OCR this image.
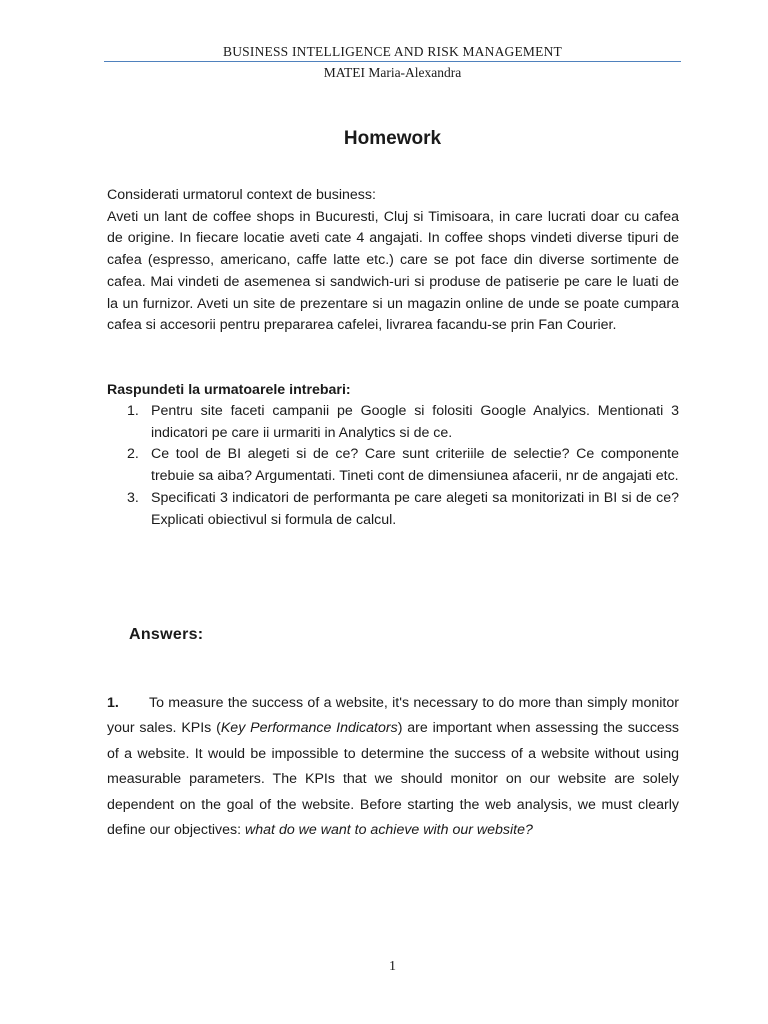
BUSINESS INTELLIGENCE AND RISK MANAGEMENT
MATEI Maria-Alexandra
Homework

Considerati urmatorul context de business:

Aveti un lant de coffee shops in Bucuresti, Cluj si Timisoara, in care lucrati doar cu cafea de origine. In fiecare locatie aveti cate 4 angajati. In coffee shops vindeti diverse tipuri de cafea (espresso, americano, caffe latte etc.) care se pot face din diverse sortimente de cafea. Mai vindeti de asemenea si sandwich-uri si produse de patiserie pe care le luati de la un furnizor. Aveti un site de prezentare si un magazin online de unde se poate cumpara cafea si accesorii pentru prepararea cafelei, livrarea facandu-se prin Fan Courier.

Raspundeti la urmatoarele intrebari:
1. Pentru site faceti campanii pe Google si folositi Google Analyics. Mentionati 3 indicatori pe care ii urmariti in Analytics si de ce.
2. Ce tool de BI alegeti si de ce? Care sunt criteriile de selectie? Ce componente trebuie sa aiba? Argumentati. Tineti cont de dimensiunea afacerii, nr de angajati etc.
3. Specificati 3 indicatori de performanta pe care alegeti sa monitorizati in BI si de ce? Explicati obiectivul si formula de calcul.
Answers:
1. To measure the success of a website, it's necessary to do more than simply monitor your sales. KPIs (Key Performance Indicators) are important when assessing the success of a website. It would be impossible to determine the success of a website without using measurable parameters. The KPIs that we should monitor on our website are solely dependent on the goal of the website. Before starting the web analysis, we must clearly define our objectives: what do we want to achieve with our website?
1
